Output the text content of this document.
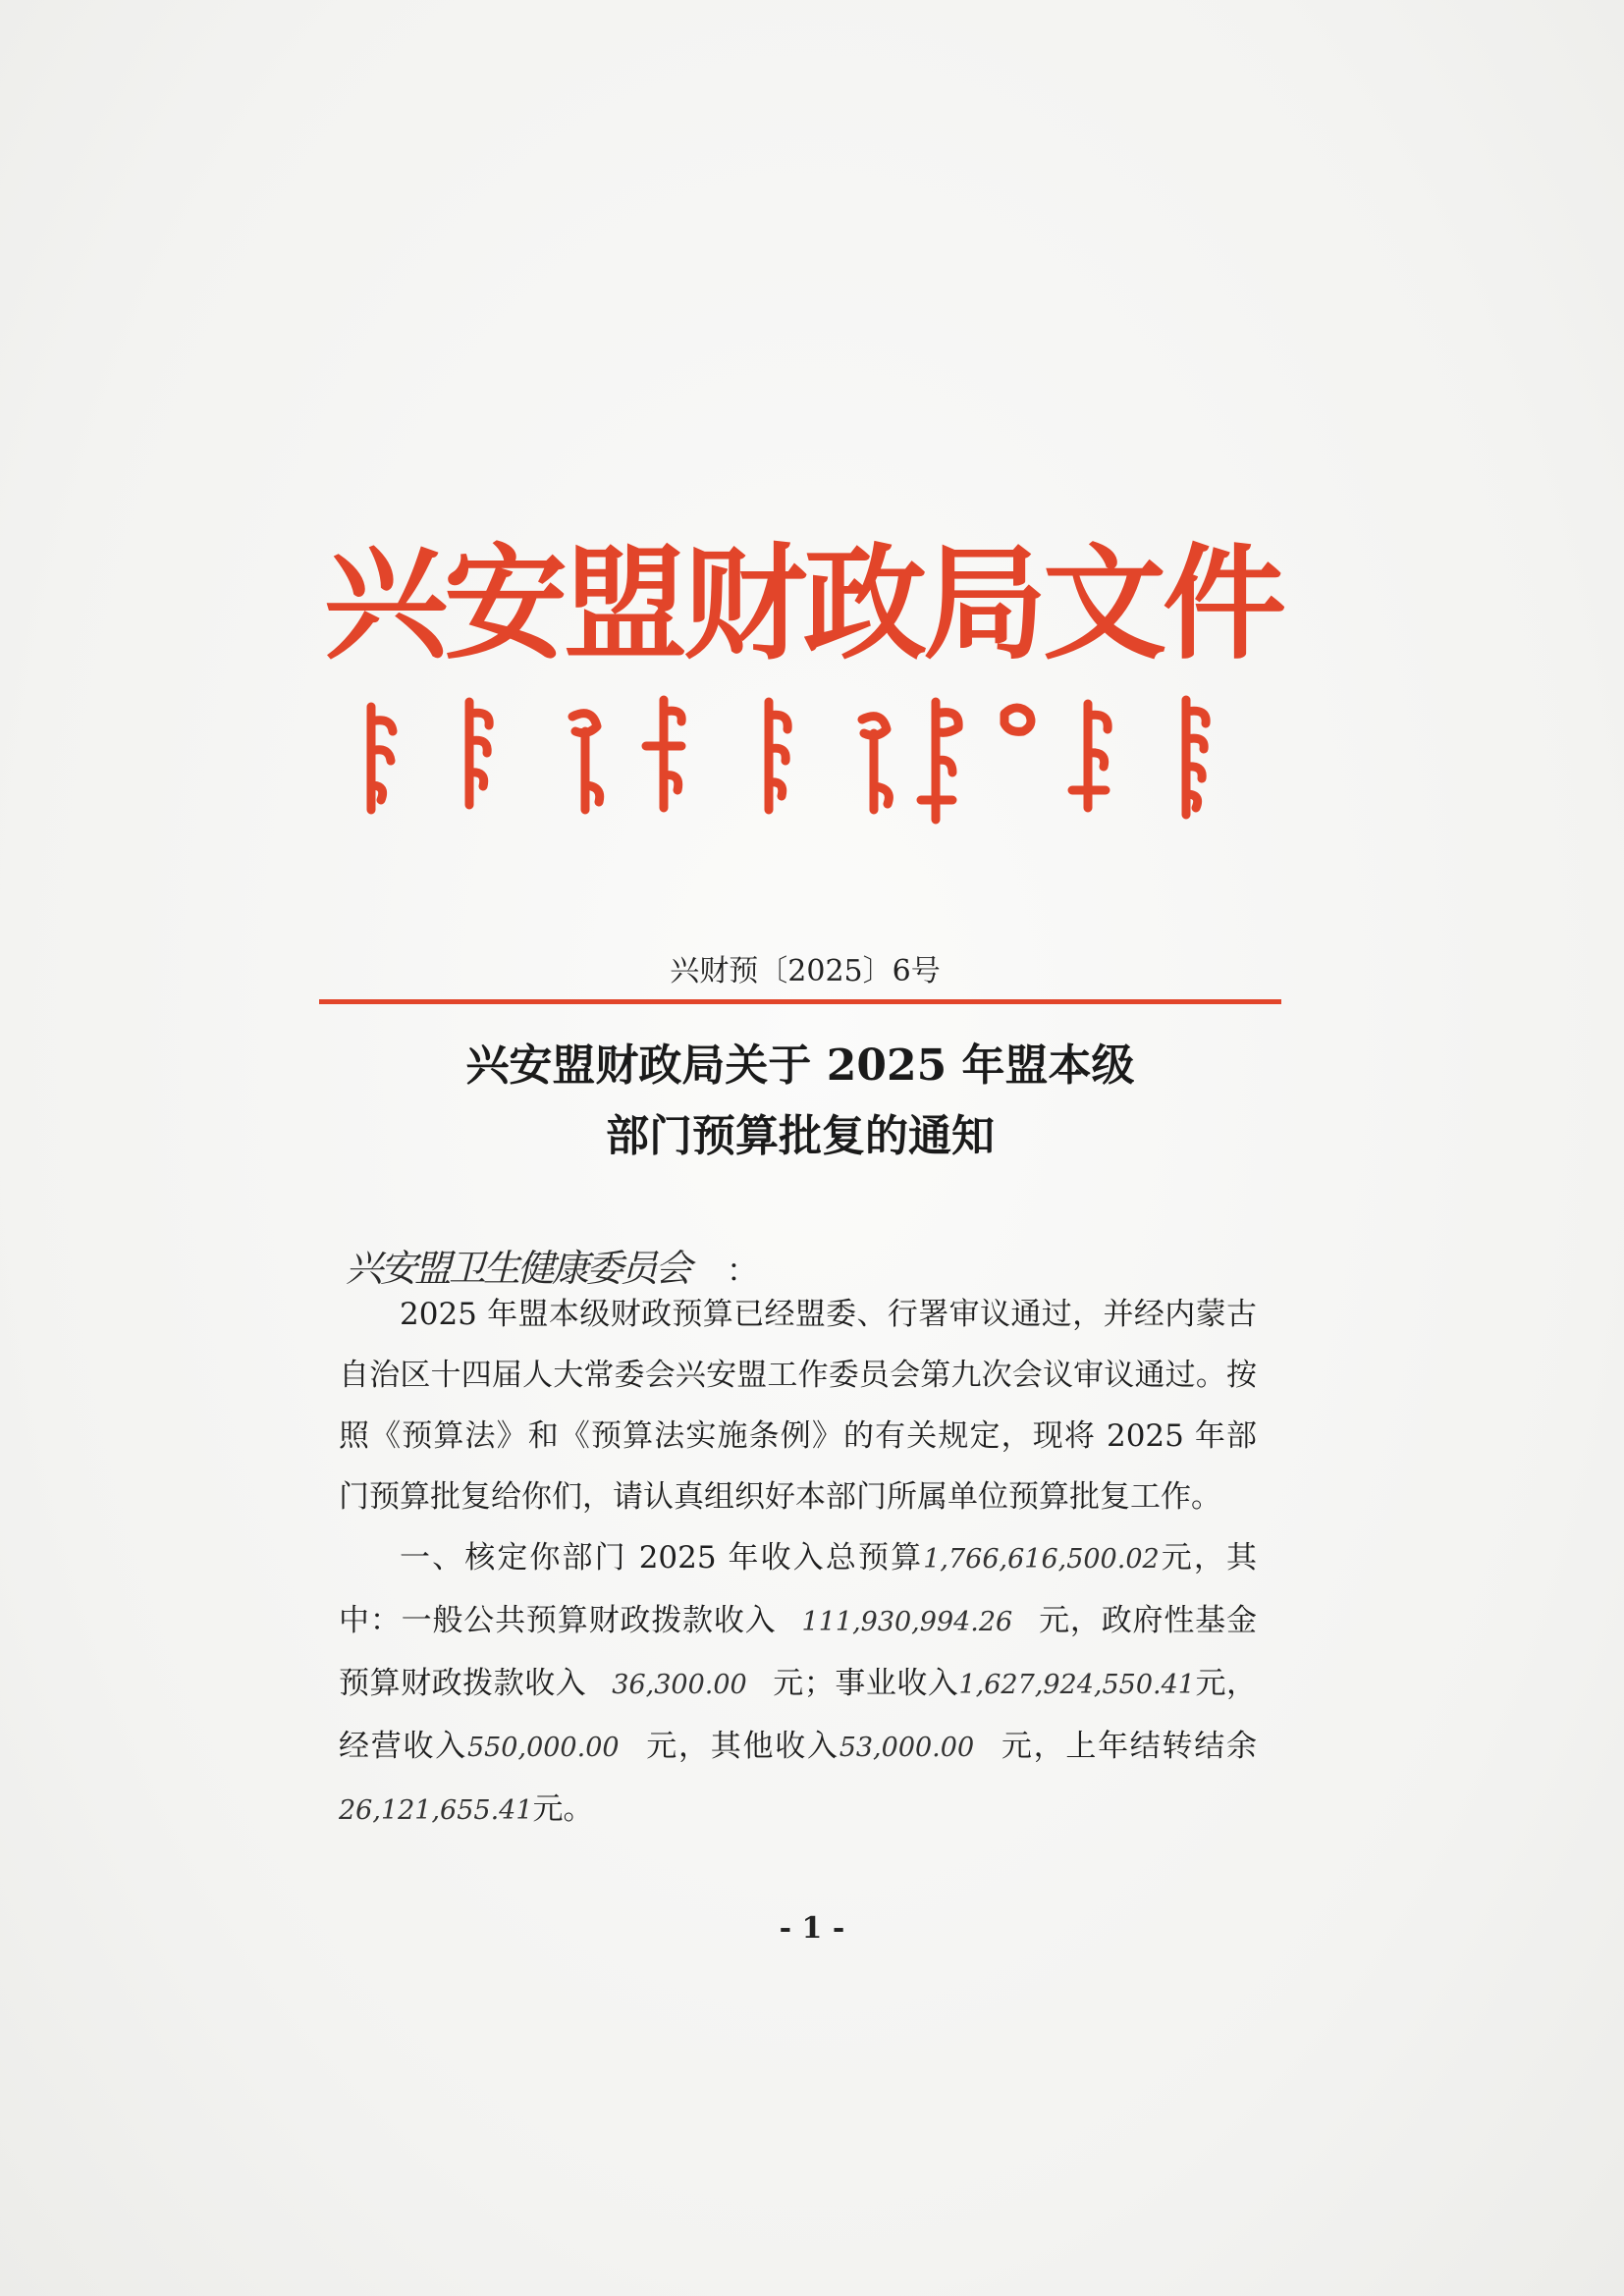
兴安盟财政局文件
兴财预〔2025〕6号
兴安盟财政局关于 2025 年盟本级
部门预算批复的通知
兴安盟卫生健康委员会 ：

2025 年盟本级财政预算已经盟委、行署审议通过，并经内蒙古自治区十四届人大常委会兴安盟工作委员会第九次会议审议通过。按照《预算法》和《预算法实施条例》的有关规定，现将 2025 年部门预算批复给你们，请认真组织好本部门所属单位预算批复工作。

一、核定你部门 2025 年收入总预算1,766,616,500.02元，其中：一般公共预算财政拨款收入 111,930,994.26 元，政府性基金预算财政拨款收入 36,300.00 元；事业收入1,627,924,550.41元，经营收入550,000.00 元，其他收入53,000.00 元，上年结转结余26,121,655.41元。

- 1 -
